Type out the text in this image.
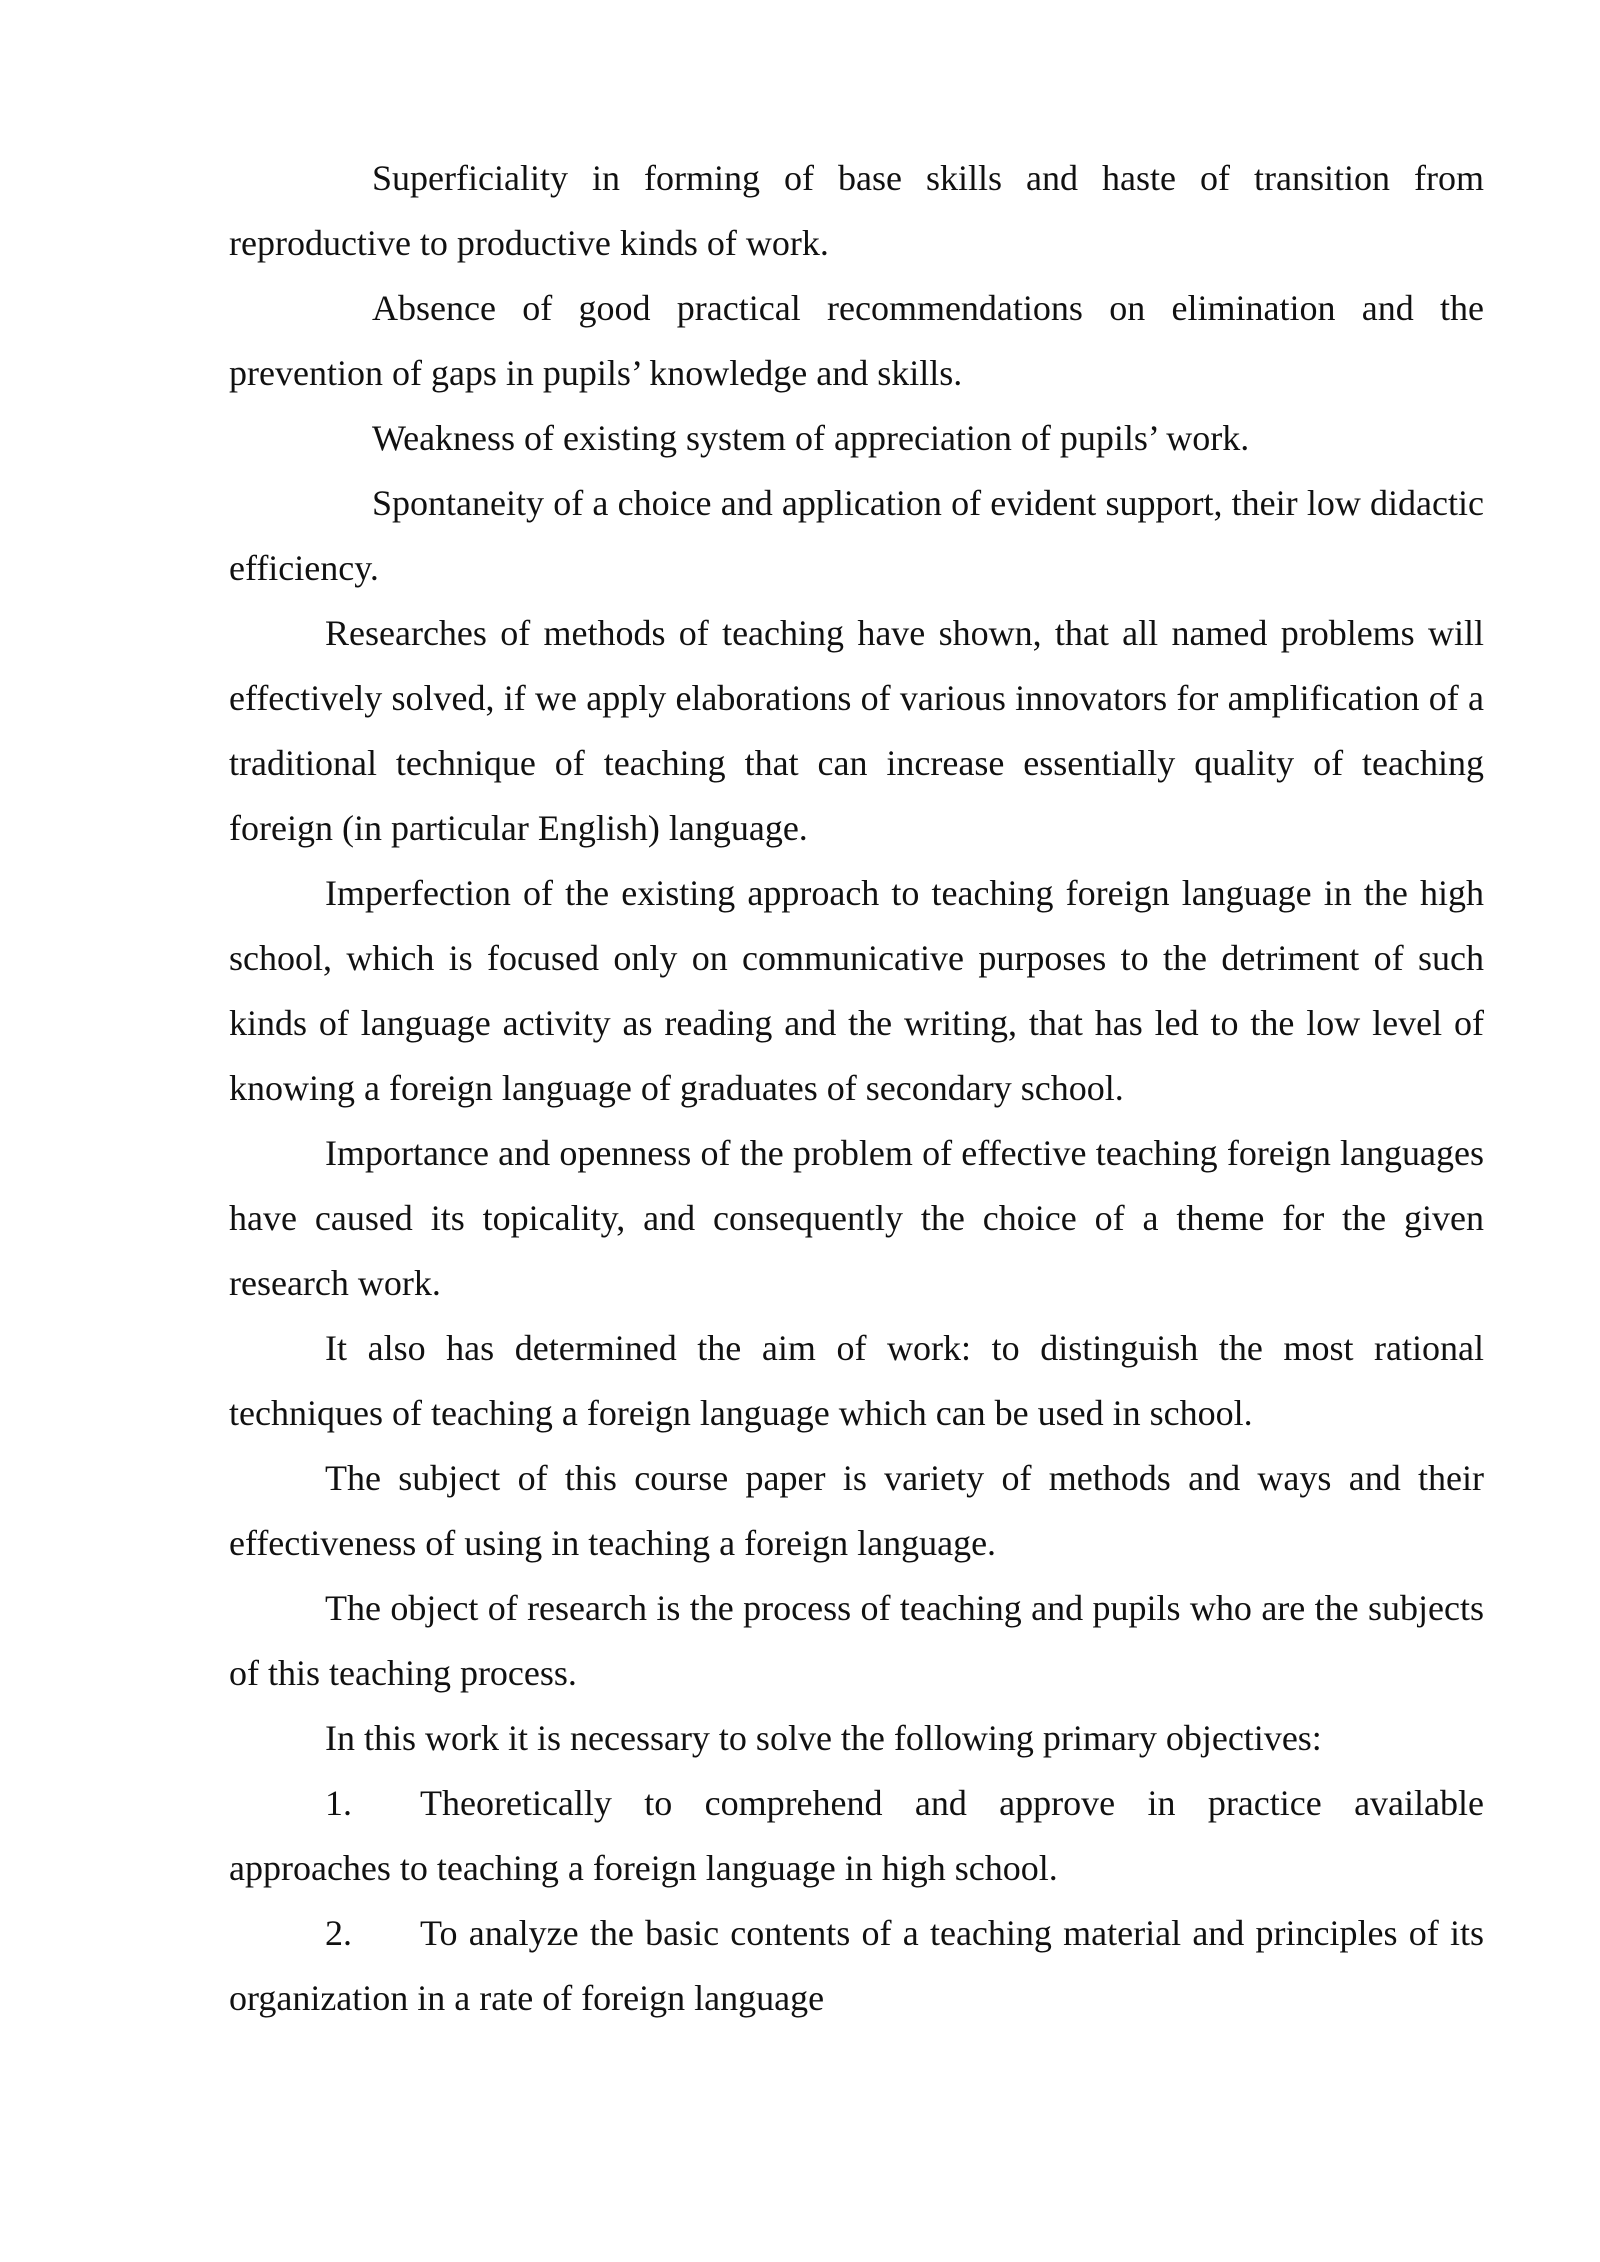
Superficiality in forming of base skills and haste of transition from reproductive to productive kinds of work.

Absence of good practical recommendations on elimination and the prevention of gaps in pupils’ knowledge and skills.

Weakness of existing system of appreciation of pupils’ work.

Spontaneity of a choice and application of evident support, their low didactic efficiency.

Researches of methods of teaching have shown, that all named problems will effectively solved, if we apply elaborations of various innovators for amplification of a traditional technique of teaching that can increase essentially quality of teaching foreign (in particular English) language.

Imperfection of the existing approach to teaching foreign language in the high school, which is focused only on communicative purposes to the detriment of such kinds of language activity as reading and the writing, that has led to the low level of knowing a foreign language of graduates of secondary school.

Importance and openness of the problem of effective teaching foreign languages have caused its topicality, and consequently the choice of a theme for the given research work.

It also has determined the aim of work: to distinguish the most rational techniques of teaching a foreign language which can be used in school.

The subject of this course paper is variety of methods and ways and their effectiveness of using in teaching a foreign language.

The object of research is the process of teaching and pupils who are the subjects of this teaching process.

In this work it is necessary to solve the following primary objectives:

1. Theoretically to comprehend and approve in practice available approaches to teaching a foreign language in high school.

2. To analyze the basic contents of a teaching material and principles of its organization in a rate of foreign language
